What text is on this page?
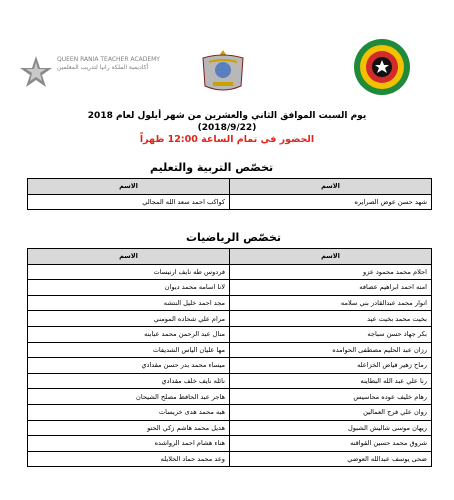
QUEEN RANIA TEACHER ACADEMY
أكاديمية الملكة رانيا لتدريب المعلمين
يوم السبت الموافق الثاني والعشرين من شهر أيلول لعام 2018
(2018/9/22)
الحضور في تمام الساعة 12:00 ظهراً
تخصّص التربية والتعليم
الاسم	الاسم
شهد حسن عوض الصرايره	كواكب احمد سعد الله المجالي
تخصّص الرياضيات
الاسم	الاسم
احلام محمد محمود عزو	فردوس طه نايف ارنيسات
امنه احمد ابراهيم عصافه	لانا اسامه محمد ديوان
انوار محمد عبدالقادر بني سلامه	مجد احمد خليل النتشه
بخيت محمد بخيت عيد	مرام علي شحاده المومني
بكر جهاد حسن سباجه	منال عبد الرحمن محمد عبابنه
رزان عبد الحليم مصطفى الحوامده	مها عليان الياس الشديفات
رماح زهير فياض الخزاعله	ميساء محمد بدر حسن مقدادي
رنا علي عبد الله البطاينه	نائله نايف خلف مقدادي
رهام خليف عوده محاسيس	هاجر عبد الحافظ مصلح الشيحان
روان علي فرج العمالين	هبه محمد هدى خريسات
ريهان موسى شاليش الشبول	هديل محمد هاشم زكي الحتو
شروق محمد حسين القواقنه	هناء هشام احمد الرواشده
ضحى يوسف عبدالله العوضي	وعد محمد حماد الخلايله
